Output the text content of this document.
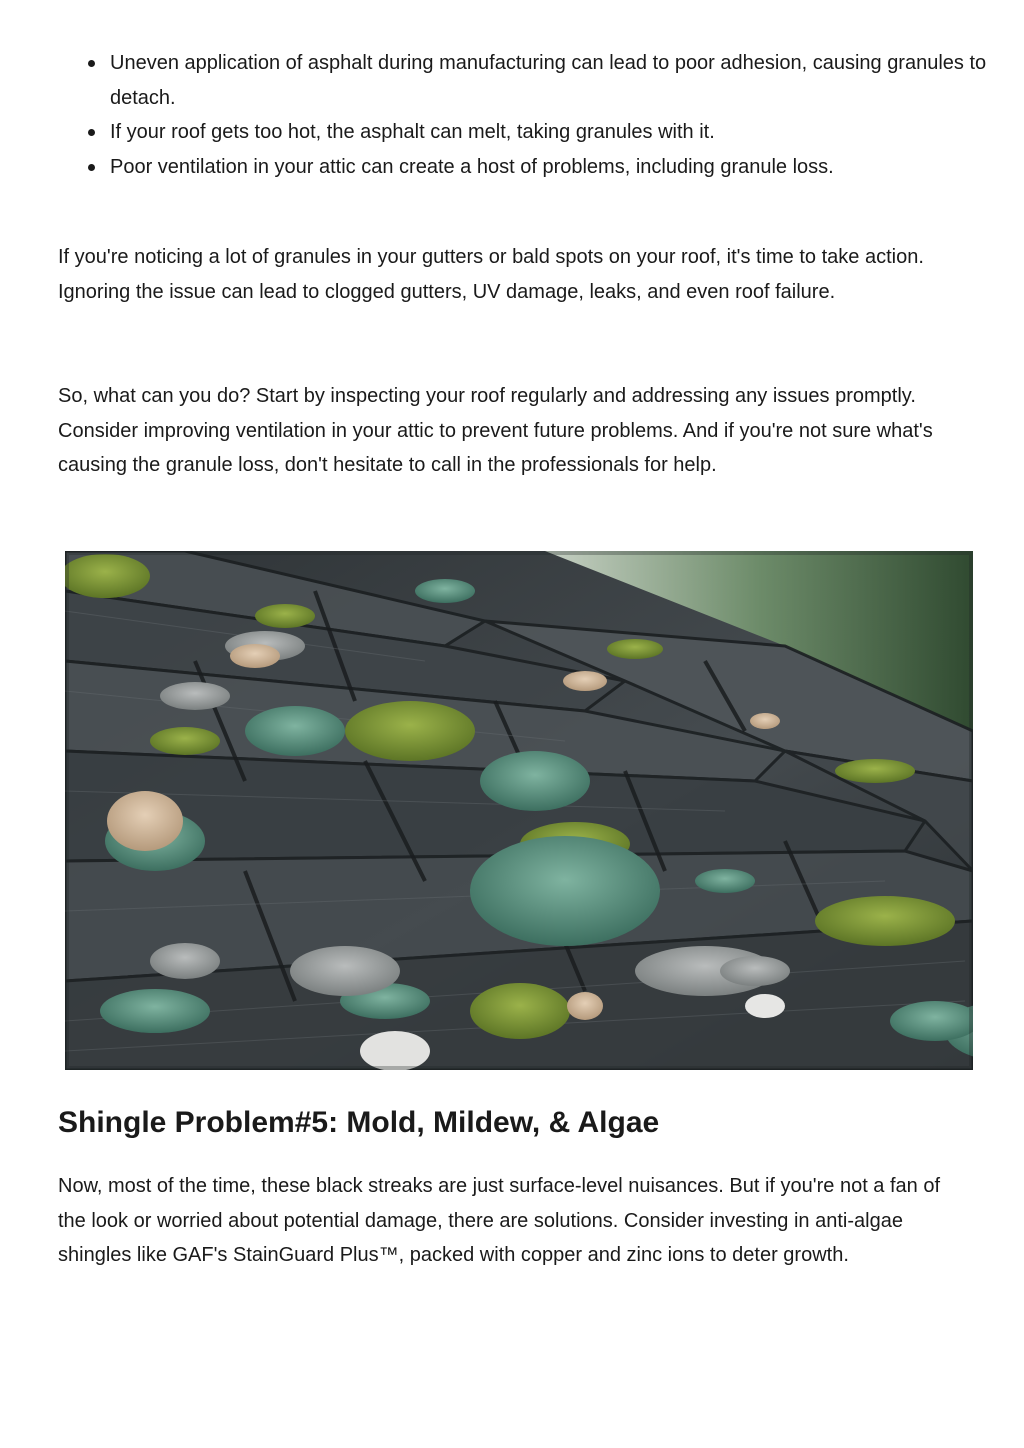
Uneven application of asphalt during manufacturing can lead to poor adhesion, causing granules to detach.
If your roof gets too hot, the asphalt can melt, taking granules with it.
Poor ventilation in your attic can create a host of problems, including granule loss.

If you're noticing a lot of granules in your gutters or bald spots on your roof, it's time to take action. Ignoring the issue can lead to clogged gutters, UV damage, leaks, and even roof failure.

So, what can you do? Start by inspecting your roof regularly and addressing any issues promptly. Consider improving ventilation in your attic to prevent future problems. And if you're not sure what's causing the granule loss, don't hesitate to call in the professionals for help.

Shingle Problem#5: Mold, Mildew, & Algae

Now, most of the time, these black streaks are just surface-level nuisances. But if you're not a fan of the look or worried about potential damage, there are solutions. Consider investing in anti-algae shingles like GAF's StainGuard Plus™, packed with copper and zinc ions to deter growth.
